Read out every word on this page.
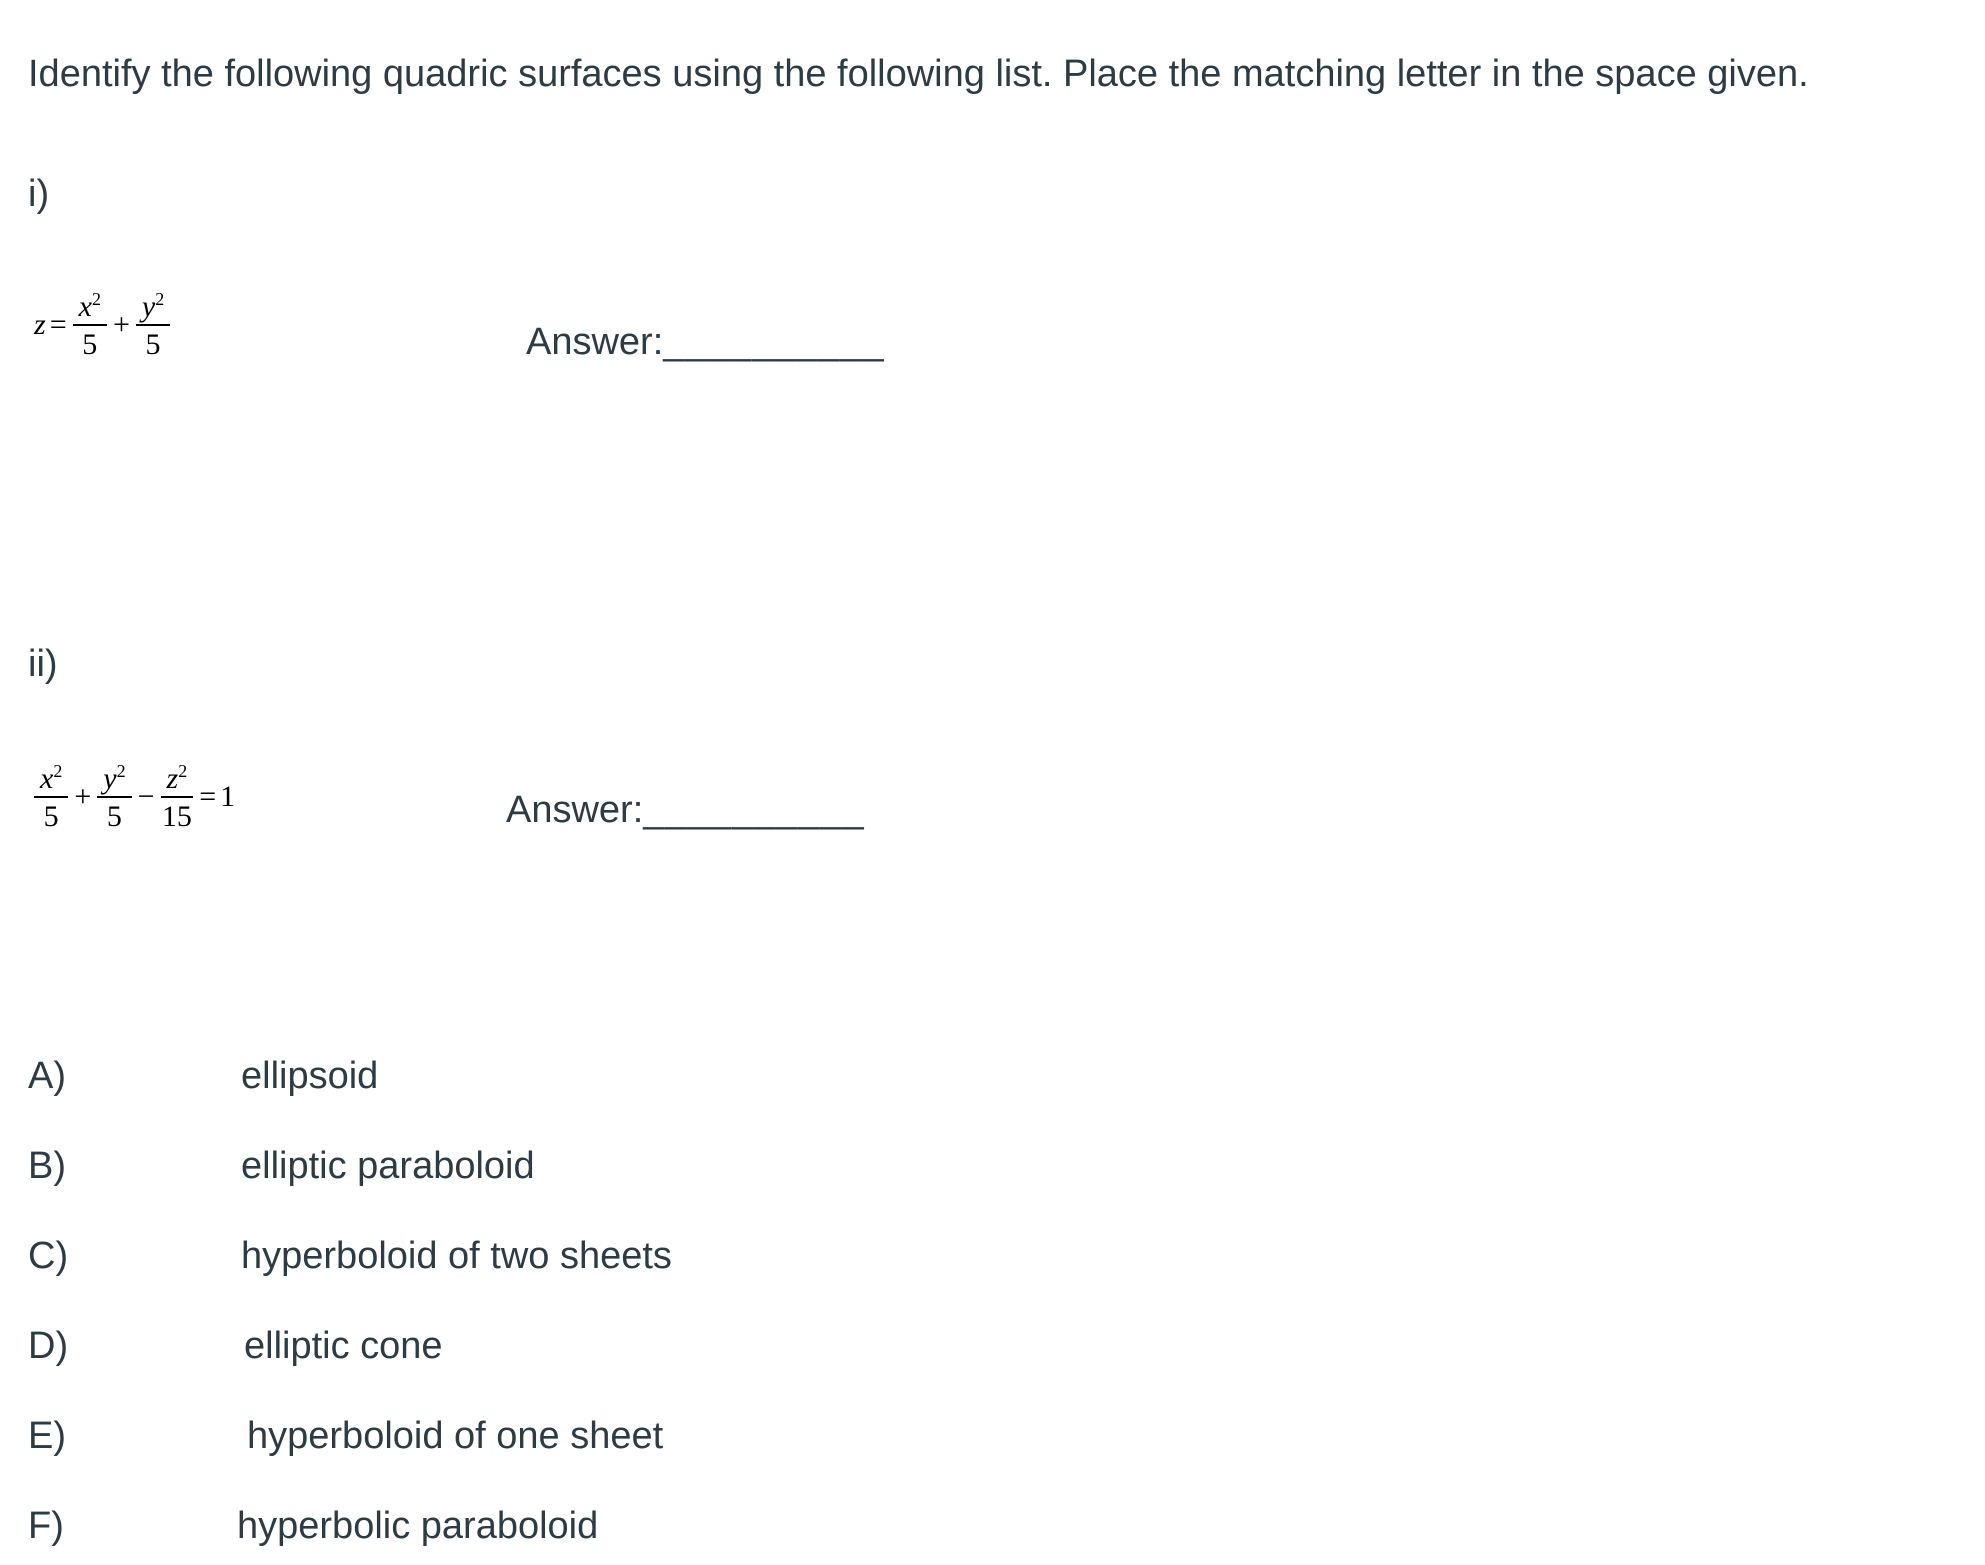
Identify the following quadric surfaces using the following list. Place the matching letter in the space given.
i)
$z = \frac{x^2}{5} + \frac{y^2}{5}$	Answer:__________
ii)
$\frac{x^2}{5} + \frac{y^2}{5} - \frac{z^2}{15} = 1$	Answer:__________
A)	ellipsoid
B)	elliptic paraboloid
C)	hyperboloid of two sheets
D)	elliptic cone
E)	hyperboloid of one sheet
F)	hyperbolic paraboloid
